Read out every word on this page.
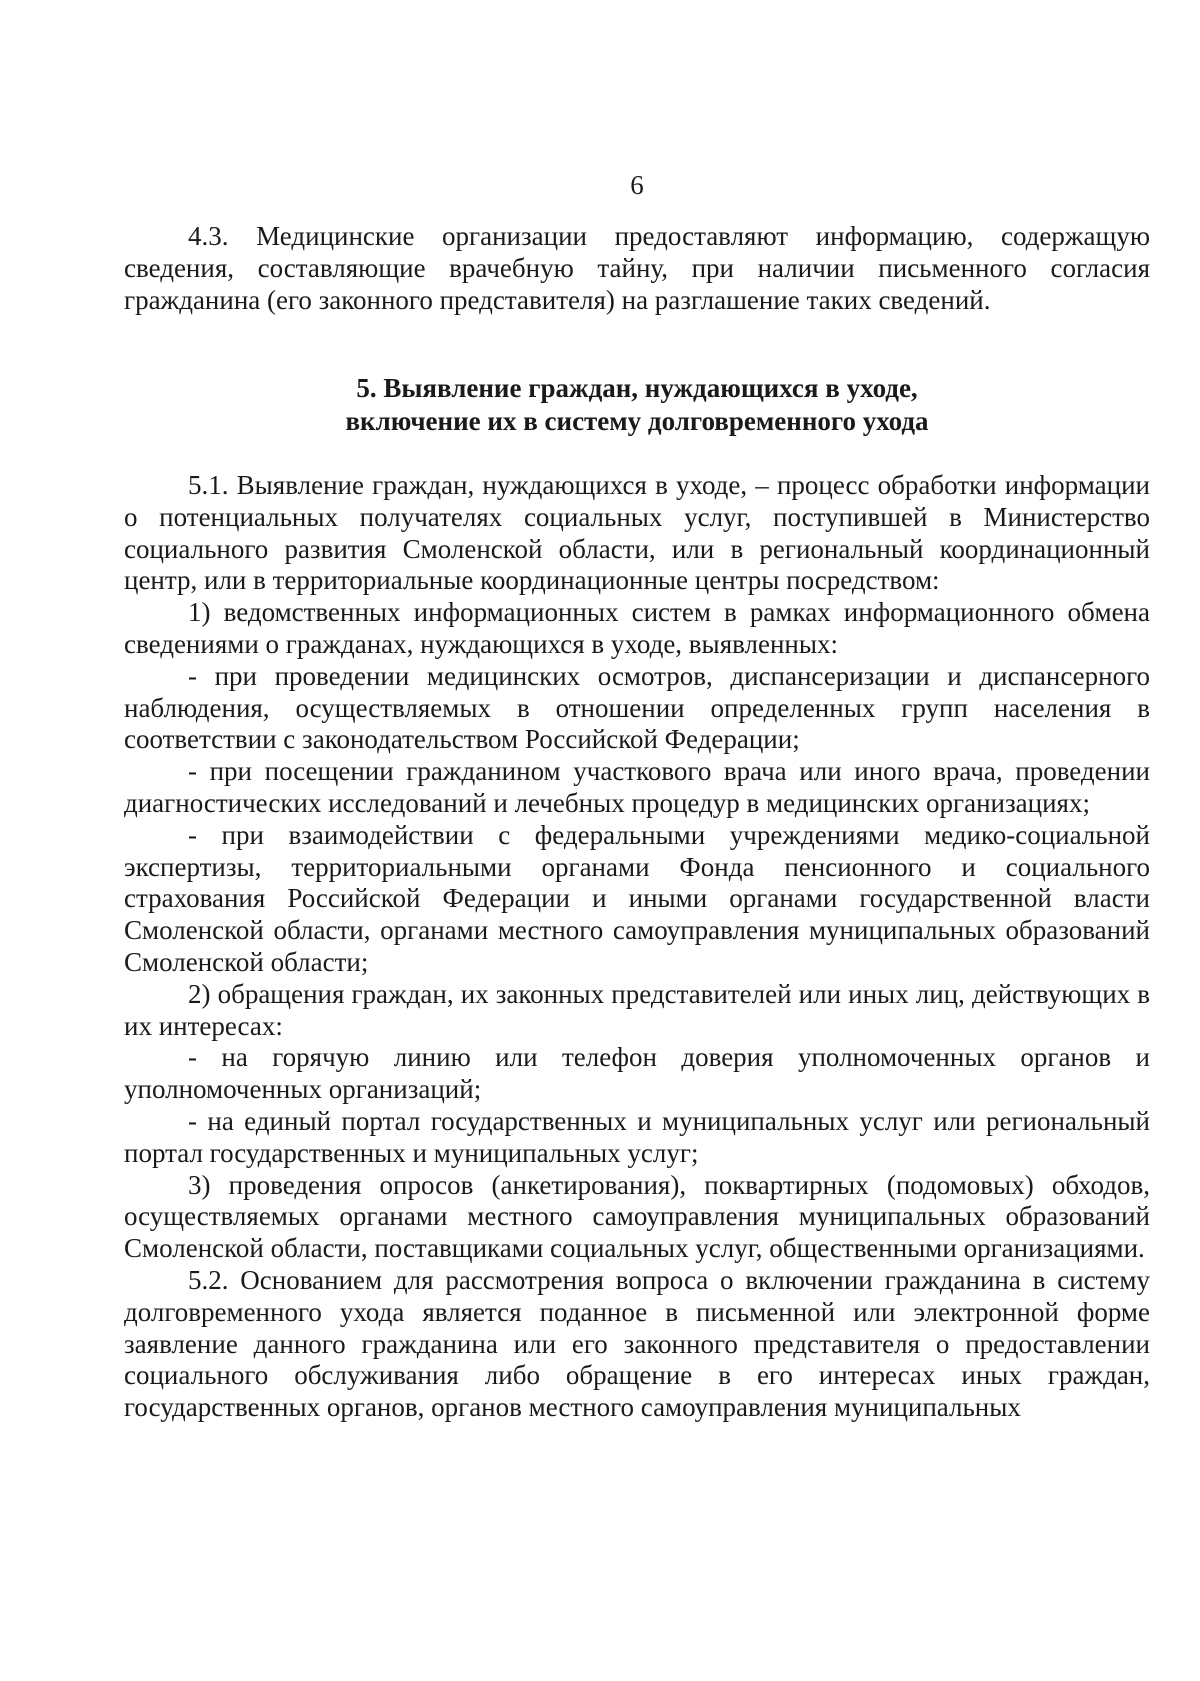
6

4.3. Медицинские организации предоставляют информацию, содержащую сведения, составляющие врачебную тайну, при наличии письменного согласия гражданина (его законного представителя) на разглашение таких сведений.

5. Выявление граждан, нуждающихся в уходе,
включение их в систему долговременного ухода

5.1. Выявление граждан, нуждающихся в уходе, – процесс обработки информации о потенциальных получателях социальных услуг, поступившей в Министерство социального развития Смоленской области, или в региональный координационный центр, или в территориальные координационные центры посредством:

1) ведомственных информационных систем в рамках информационного обмена сведениями о гражданах, нуждающихся в уходе, выявленных:

- при проведении медицинских осмотров, диспансеризации и диспансерного наблюдения, осуществляемых в отношении определенных групп населения в соответствии с законодательством Российской Федерации;

- при посещении гражданином участкового врача или иного врача, проведении диагностических исследований и лечебных процедур в медицинских организациях;

- при взаимодействии с федеральными учреждениями медико-социальной экспертизы, территориальными органами Фонда пенсионного и социального страхования Российской Федерации и иными органами государственной власти Смоленской области, органами местного самоуправления муниципальных образований Смоленской области;

2) обращения граждан, их законных представителей или иных лиц, действующих в их интересах:

- на горячую линию или телефон доверия уполномоченных органов и уполномоченных организаций;

- на единый портал государственных и муниципальных услуг или региональный портал государственных и муниципальных услуг;

3) проведения опросов (анкетирования), поквартирных (подомовых) обходов, осуществляемых органами местного самоуправления муниципальных образований Смоленской области, поставщиками социальных услуг, общественными организациями.

5.2. Основанием для рассмотрения вопроса о включении гражданина в систему долговременного ухода является поданное в письменной или электронной форме заявление данного гражданина или его законного представителя о предоставлении социального обслуживания либо обращение в его интересах иных граждан, государственных органов, органов местного самоуправления муниципальных
